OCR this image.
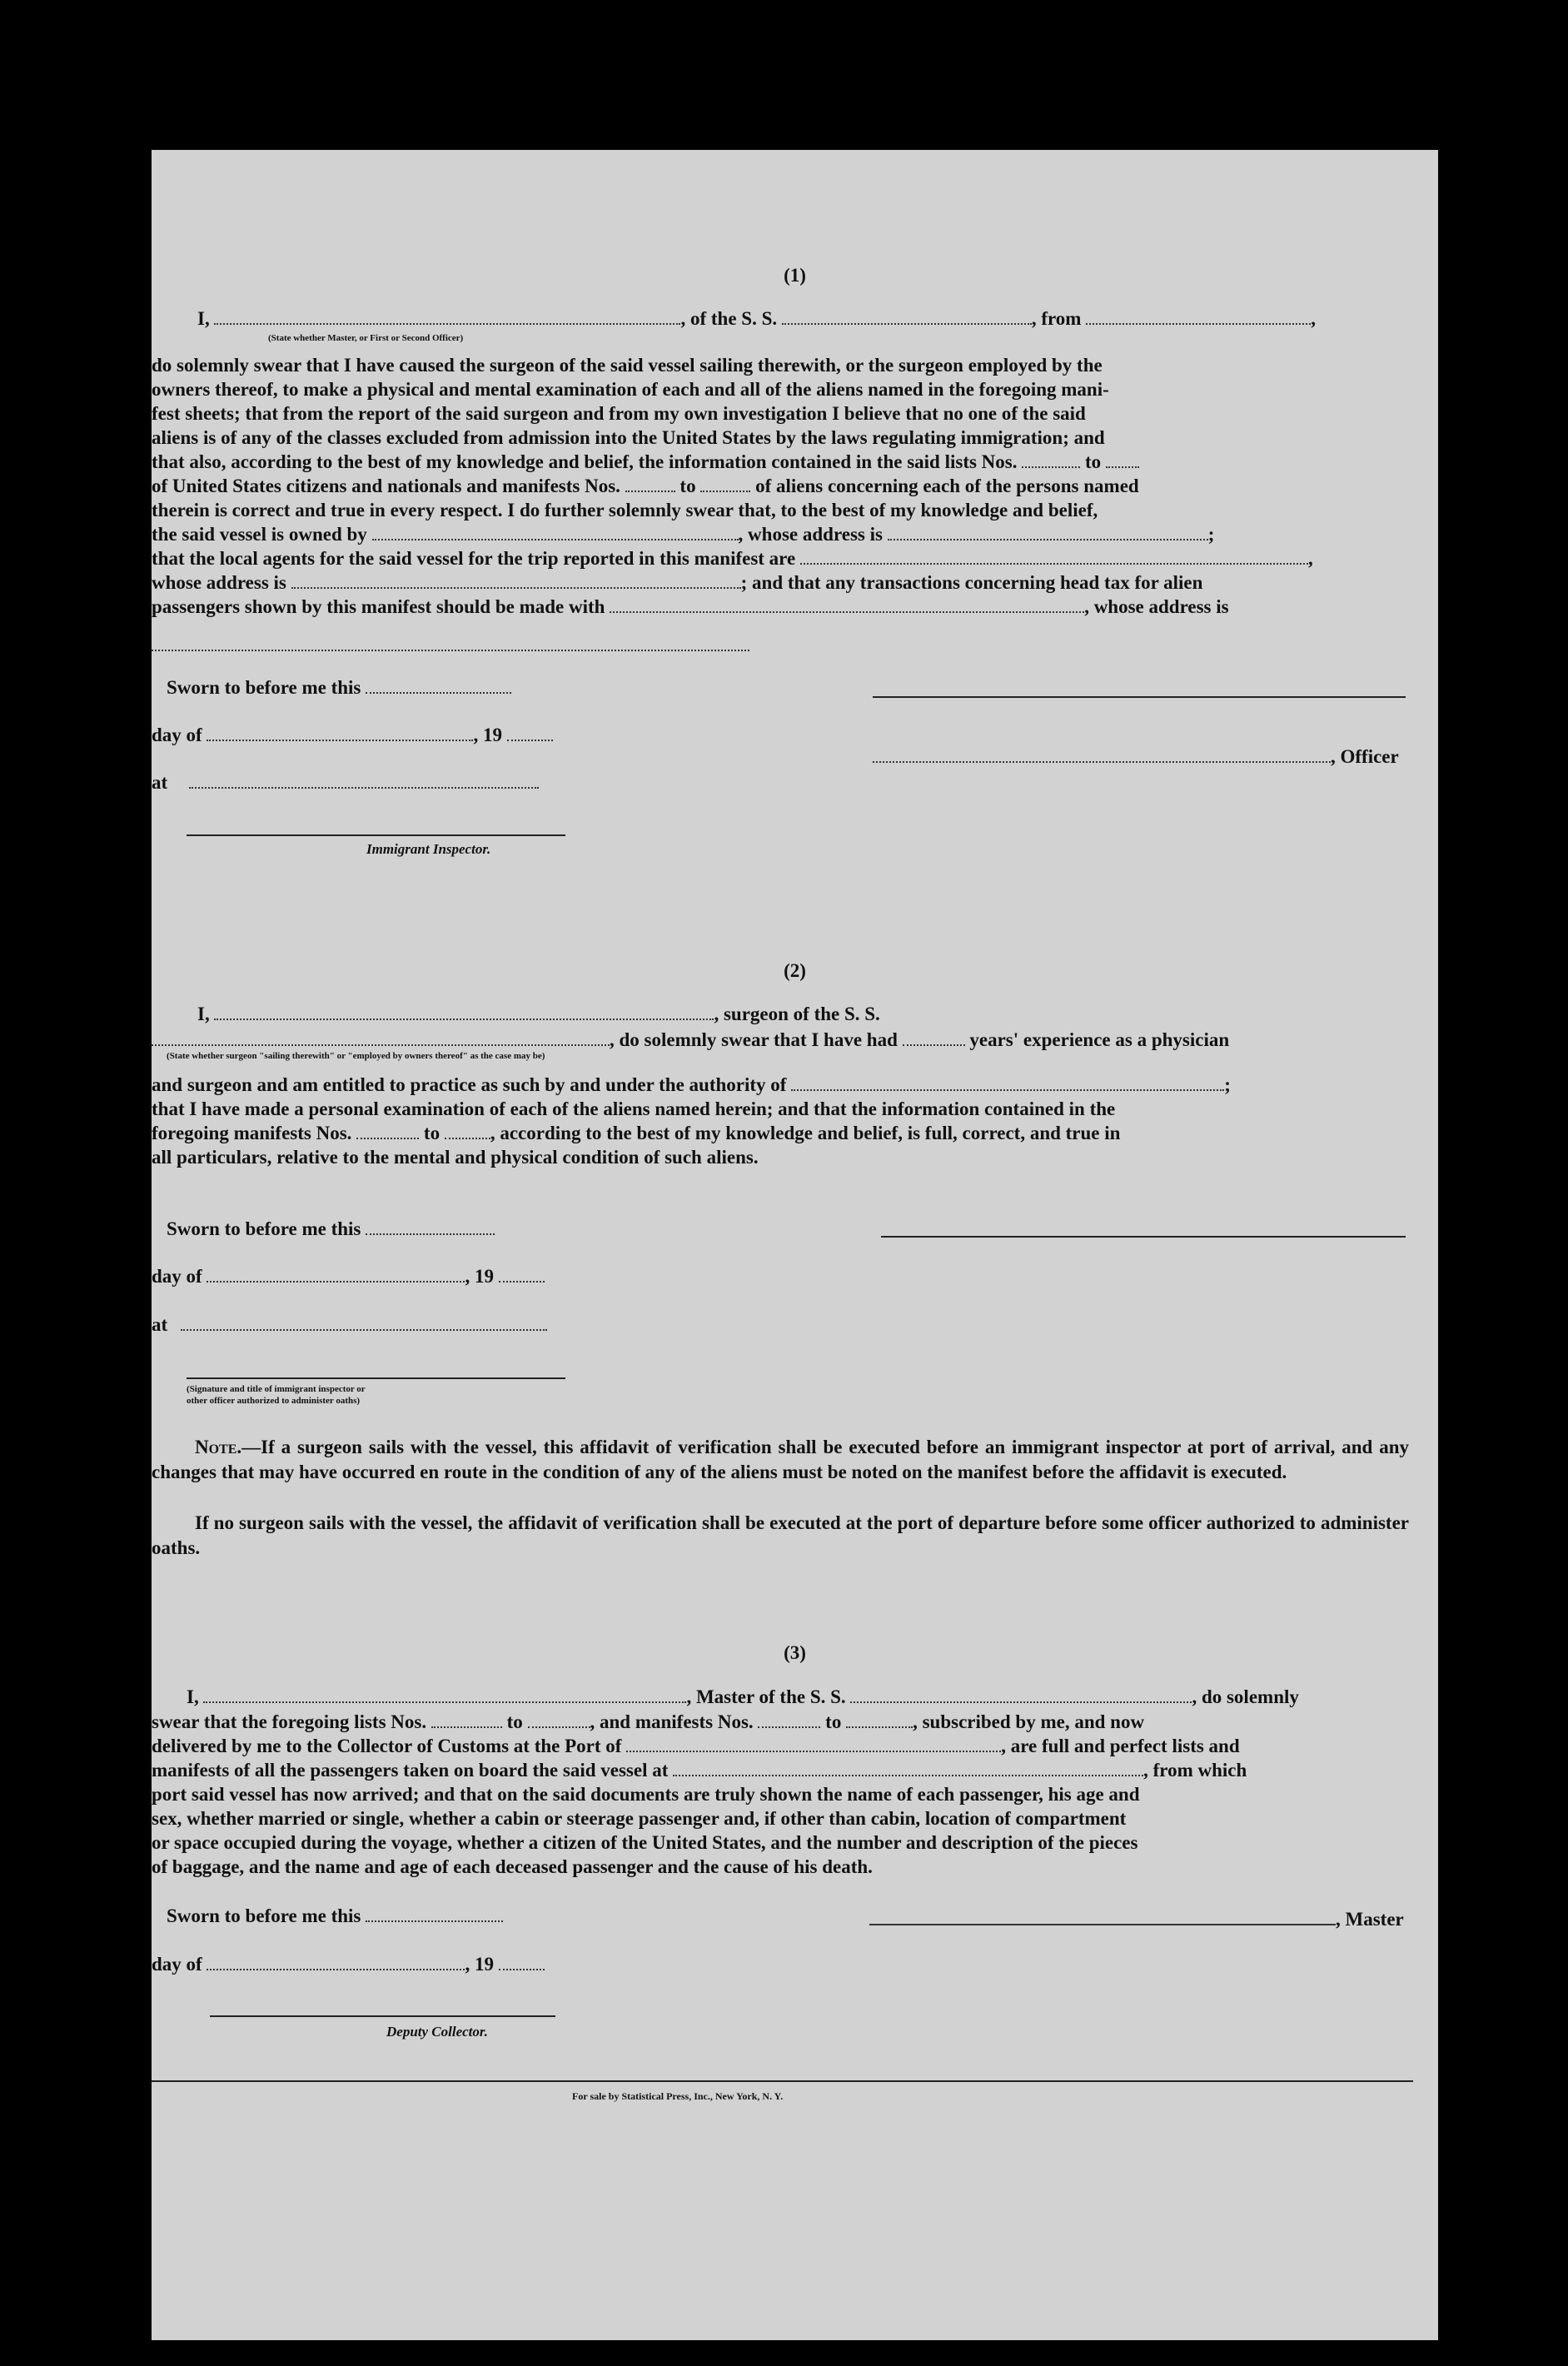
(1)
I,	, of the S. S.	, from	,
(State whether Master, or First or Second Officer)
do solemnly swear that I have caused the surgeon of the said vessel sailing therewith, or the surgeon employed by the
owners thereof, to make a physical and mental examination of each and all of the aliens named in the foregoing mani-
fest sheets; that from the report of the said surgeon and from my own investigation I believe that no one of the said
aliens is of any of the classes excluded from admission into the United States by the laws regulating immigration; and
that also, according to the best of my knowledge and belief, the information contained in the said lists Nos.	to
of United States citizens and nationals and manifests Nos.	to	of aliens concerning each of the persons named
therein is correct and true in every respect. I do further solemnly swear that, to the best of my knowledge and belief,
the said vessel is owned by	, whose address is	;
that the local agents for the said vessel for the trip reported in this manifest are	,
whose address is	; and that any transactions concerning head tax for alien
passengers shown by this manifest should be made with	, whose address is
Sworn to before me this
day of	, 19
, Officer
at
Immigrant Inspector.
(2)
I,	, surgeon of the S. S.
, do solemnly swear that I have had	years' experience as a physician
(State whether surgeon "sailing therewith" or "employed by owners thereof" as the case may be)
and surgeon and am entitled to practice as such by and under the authority of	;
that I have made a personal examination of each of the aliens named herein; and that the information contained in the
foregoing manifests Nos.	to	, according to the best of my knowledge and belief, is full, correct, and true in
all particulars, relative to the mental and physical condition of such aliens.
Sworn to before me this
day of	, 19
at
(Signature and title of immigrant inspector or
other officer authorized to administer oaths)
Note.—If a surgeon sails with the vessel, this affidavit of verification shall be executed before an immigrant inspector at port of arrival, and any changes that may have occurred en route in the condition of any of the aliens must be noted on the manifest before the affidavit is executed.
If no surgeon sails with the vessel, the affidavit of verification shall be executed at the port of departure before some officer authorized to administer oaths.
(3)
I,	, Master of the S. S.	, do solemnly
swear that the foregoing lists Nos.	to	, and manifests Nos.	to	, subscribed by me, and now
delivered by me to the Collector of Customs at the Port of	, are full and perfect lists and
manifests of all the passengers taken on board the said vessel at	, from which
port said vessel has now arrived; and that on the said documents are truly shown the name of each passenger, his age and
sex, whether married or single, whether a cabin or steerage passenger and, if other than cabin, location of compartment
or space occupied during the voyage, whether a citizen of the United States, and the number and description of the pieces
of baggage, and the name and age of each deceased passenger and the cause of his death.
Sworn to before me this	, Master
day of	, 19
Deputy Collector.
For sale by Statistical Press, Inc., New York, N. Y.
